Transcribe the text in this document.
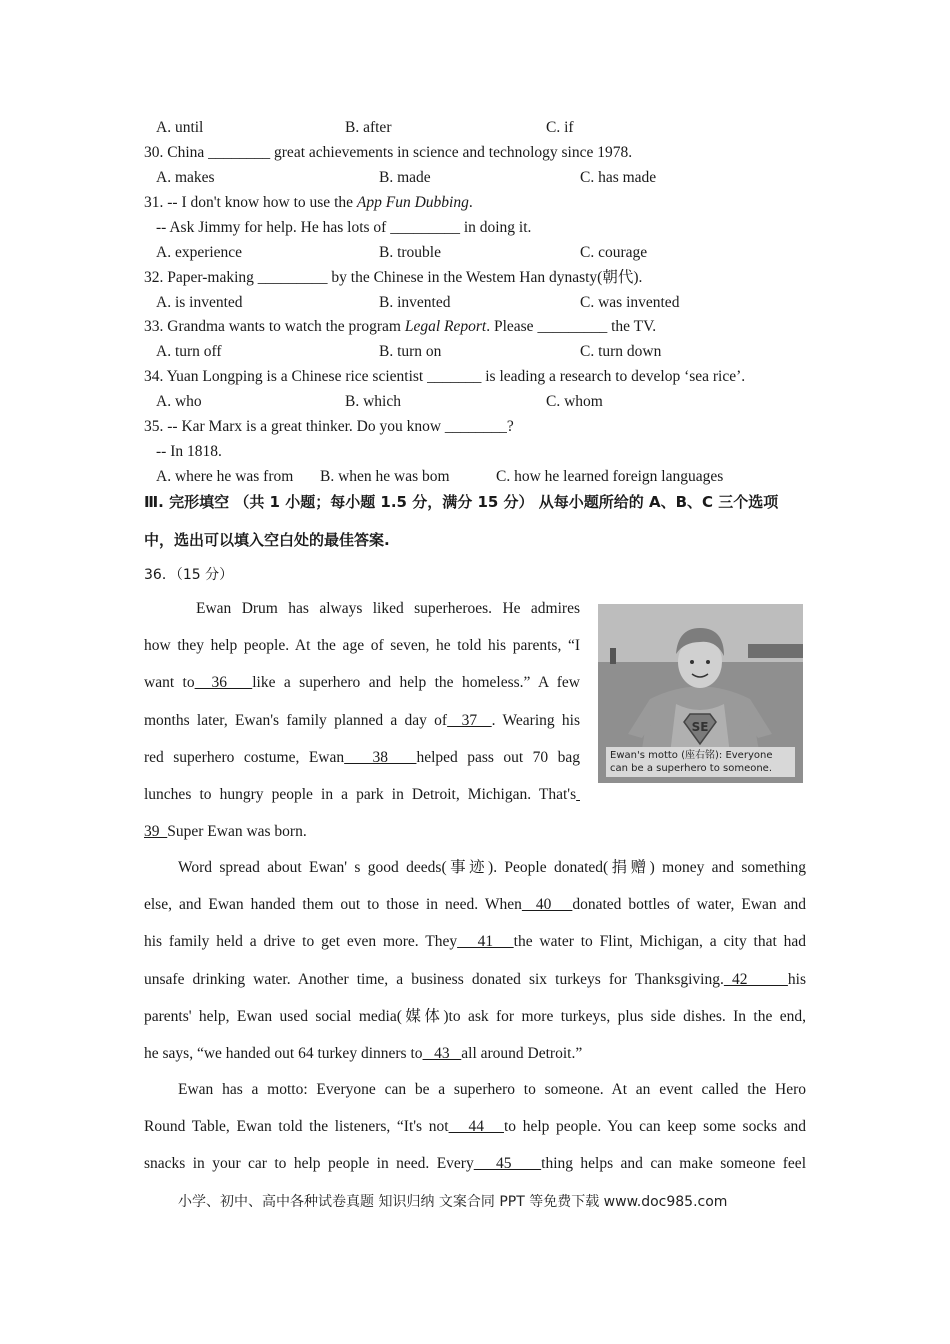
A. until	B. after	C. if
30. China ________ great achievements in science and technology since 1978.
A. makes	B. made	C. has made
31. -- I don't know how to use the App Fun Dubbing.
-- Ask Jimmy for help. He has lots of _________ in doing it.
A. experience	B. trouble	C. courage
32. Paper-making _________ by the Chinese in the Westem Han dynasty(朝代).
A. is invented	B. invented	C. was invented
33. Grandma wants to watch the program Legal Report. Please _________ the TV.
A. turn off	B. turn on	C. turn down
34. Yuan Longping is a Chinese rice scientist _______ is leading a research to develop ‘sea rice’.
A. who	B. which	C. whom
35. -- Kar Marx is a great thinker. Do you know ________?
-- In 1818.
A. where he was from B. when he was bom	C. how he learned foreign languages
Ⅲ. 完形填空 （共 1 小题；每小题 1.5 分，满分 15 分） 从每小题所给的 A、B、C 三个选项
中，选出可以填入空白处的最佳答案.
36．（15 分）
SE
Ewan's motto (座右铭): Everyone can be a superhero to someone.
Ewan Drum has always liked superheroes. He admires
how they help people. At the age of seven, he told his parents, “I
want to  36   like a superhero and help the homeless.” A few
months later, Ewan's family planned a day of  37  . Wearing his
red superhero costume, Ewan   38   helped pass out 70 bag
lunches to hungry people in a park in Detroit, Michigan. That's
39  Super Ewan was born.
Word spread about Ewan' s good deeds(事迹). People donated(捐赠) money and something
else, and Ewan handed them out to those in need. When  40   donated bottles of water, Ewan and
his family held a drive to get even more. They   41   the water to Flint, Michigan, a city that had
unsafe drinking water. Another time, a business donated six turkeys for Thanksgiving. 42     his
parents' help, Ewan used social media(媒体)to ask for more turkeys, plus side dishes. In the end,
he says, “we handed out 64 turkey dinners to   43   all around Detroit.”
Ewan has a motto: Everyone can be a superhero to someone. At an event called the Hero
Round Table, Ewan told the listeners, “It's not   44   to help people. You can keep some socks and
snacks in your car to help people in need. Every   45    thing helps and can make someone feel
小学、初中、高中各种试卷真题 知识归纳 文案合同 PPT 等免费下载 www.doc985.com
